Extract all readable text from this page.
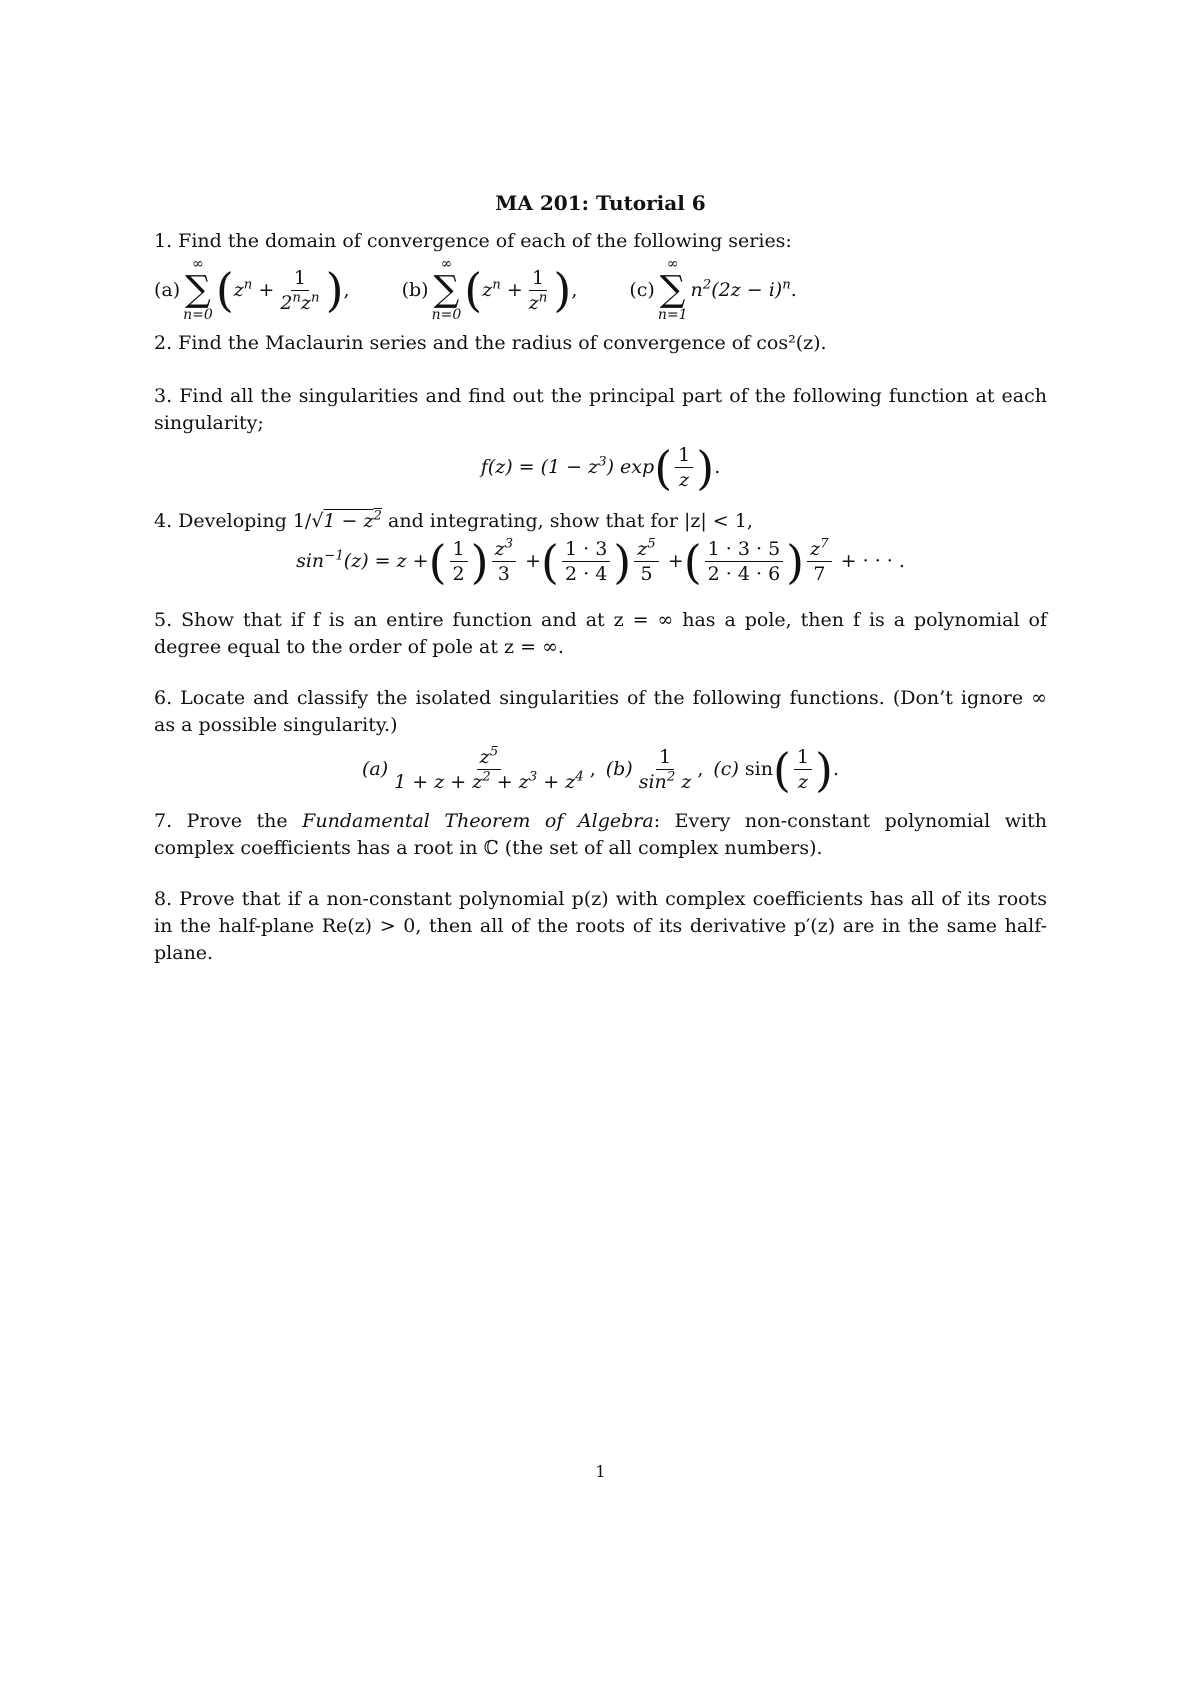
MA 201: Tutorial 6
1. Find the domain of convergence of each of the following series:
(a)
∞
∑
n=0 ( $z^n + \frac{1}{2^nz^n}$ ) ,	(b)
∞
∑
n=0 ( $z^n + \frac{1}{z^n}$ ) ,	(c)
∞
∑
n=1
$n^2(2z - i)^n$ .
2. Find the Maclaurin series and the radius of convergence of cos²(z).
3. Find all the singularities and find out the principal part of the following function at each singularity;
$f(z) = (1 - z^3)$ exp ( $\frac{1}{z}$ ) .
4. Developing $1/√1 - z^2$ and integrating, show that for |z| < 1,
$\sin^{-1}(z) = z$ + ( $\frac{1}{2}$ ) $\frac{z^3}{3}$ + ( $\frac{1 \cdot 3}{2 \cdot 4}$ ) $\frac{z^5}{5}$ + ( $\frac{1 \cdot 3 \cdot 5}{2 \cdot 4 \cdot 6}$ ) $\frac{z^7}{7}$ + · · · .
5. Show that if f is an entire function and at z = ∞ has a pole, then f is a polynomial of degree equal to the order of pole at z = ∞.
6. Locate and classify the isolated singularities of the following functions. (Don’t ignore ∞ as a possible singularity.)
$(a) \frac{z^5}{1 + z + z^2 + z^3 + z^4}$ , $(b) \frac{1}{\sin^2 z}$ , (c) sin ( $\frac{1}{z}$ ) .
7. Prove the Fundamental Theorem of Algebra: Every non-constant polynomial with complex coefficients has a root in ℂ (the set of all complex numbers).
8. Prove that if a non-constant polynomial p(z) with complex coefficients has all of its roots in the half-plane Re(z) > 0, then all of the roots of its derivative p′(z) are in the same half-plane.
1
